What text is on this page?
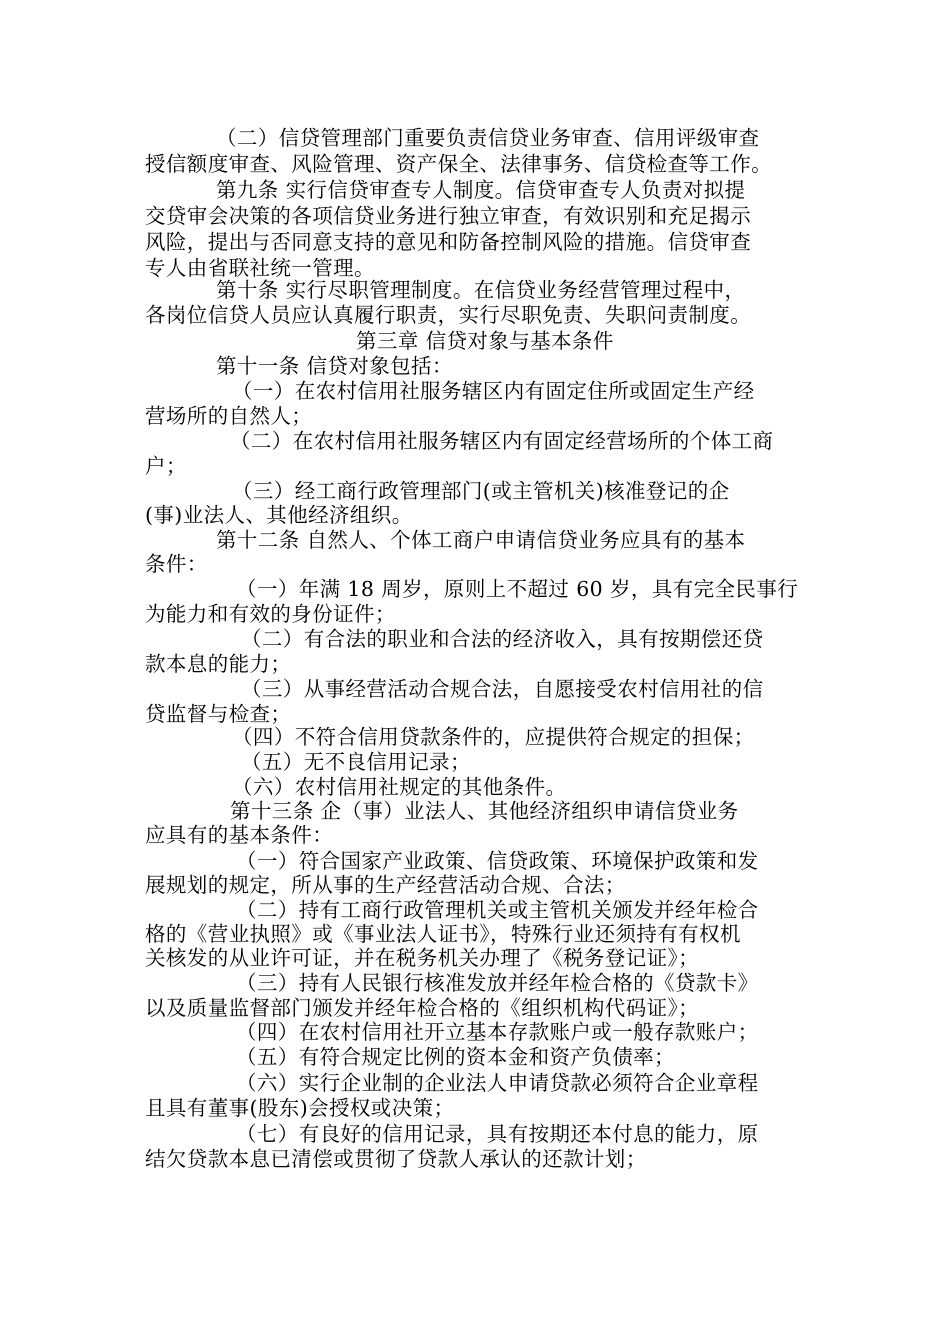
（二）信贷管理部门重要负责信贷业务审查、信用评级审查
授信额度审查、风险管理、资产保全、法律事务、信贷检查等工作。
第九条 实行信贷审查专人制度。信贷审查专人负责对拟提
交贷审会决策的各项信贷业务进行独立审查，有效识别和充足揭示
风险，提出与否同意支持的意见和防备控制风险的措施。信贷审查
专人由省联社统一管理。
第十条 实行尽职管理制度。在信贷业务经营管理过程中，
各岗位信贷人员应认真履行职责，实行尽职免责、失职问责制度。
第三章 信贷对象与基本条件
第十一条 信贷对象包括：
（一）在农村信用社服务辖区内有固定住所或固定生产经
营场所的自然人；
（二）在农村信用社服务辖区内有固定经营场所的个体工商
户；
（三）经工商行政管理部门(或主管机关)核准登记的企
(事)业法人、其他经济组织。
第十二条 自然人、个体工商户申请信贷业务应具有的基本
条件：
（一）年满 18 周岁，原则上不超过 60 岁，具有完全民事行
为能力和有效的身份证件；
（二）有合法的职业和合法的经济收入，具有按期偿还贷
款本息的能力；
（三）从事经营活动合规合法，自愿接受农村信用社的信
贷监督与检查；
（四）不符合信用贷款条件的，应提供符合规定的担保；
（五）无不良信用记录；
（六）农村信用社规定的其他条件。
第十三条 企（事）业法人、其他经济组织申请信贷业务
应具有的基本条件：
（一）符合国家产业政策、信贷政策、环境保护政策和发
展规划的规定，所从事的生产经营活动合规、合法；
（二）持有工商行政管理机关或主管机关颁发并经年检合
格的《营业执照》或《事业法人证书》，特殊行业还须持有有权机
关核发的从业许可证，并在税务机关办理了《税务登记证》；
（三）持有人民银行核准发放并经年检合格的《贷款卡》
以及质量监督部门颁发并经年检合格的《组织机构代码证》；
（四）在农村信用社开立基本存款账户或一般存款账户；
（五）有符合规定比例的资本金和资产负债率；
（六）实行企业制的企业法人申请贷款必须符合企业章程
且具有董事(股东)会授权或决策；
（七）有良好的信用记录，具有按期还本付息的能力，原
结欠贷款本息已清偿或贯彻了贷款人承认的还款计划；
